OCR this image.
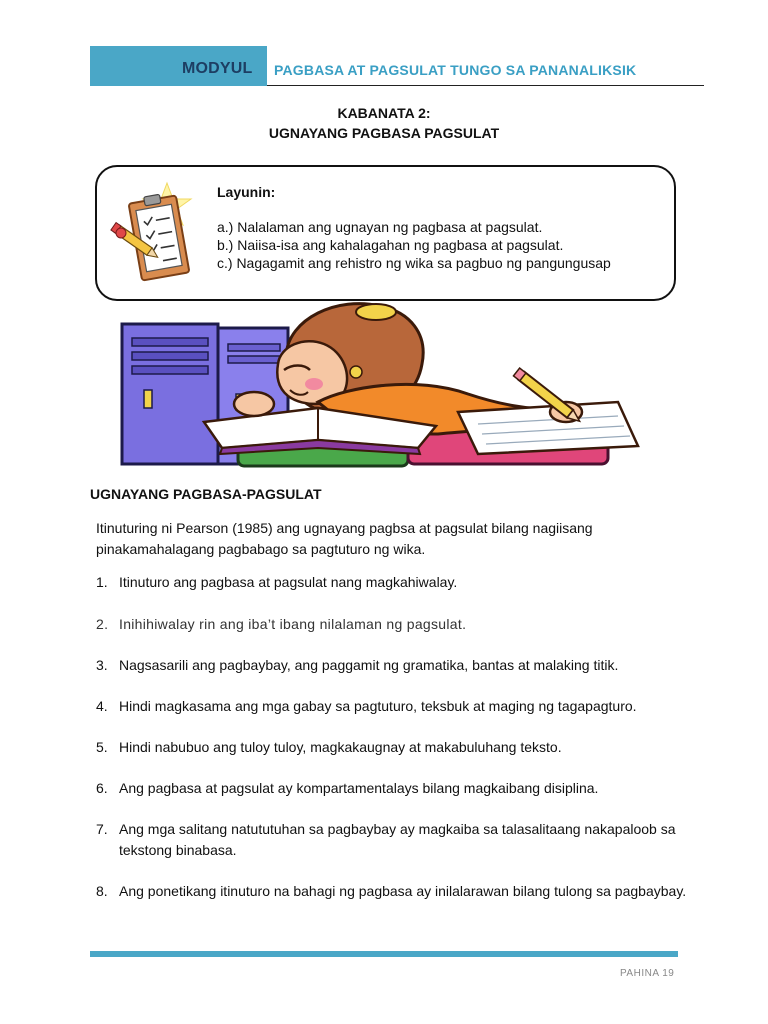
MODYUL PAGBASA AT PAGSULAT TUNGO SA PANANALIKSIK
KABANATA 2:
UGNAYANG PAGBASA PAGSULAT
Layunin:
a.) Nalalaman ang ugnayan ng pagbasa at pagsulat.
b.) Naiisa-isa ang kahalagahan ng pagbasa at pagsulat.
c.) Nagagamit ang rehistro ng wika sa pagbuo ng pangungusap
UGNAYANG PAGBASA-PAGSULAT
Itinuturing ni Pearson (1985) ang ugnayang pagbsa at pagsulat bilang nagiisang pinakamahalagang pagbabago sa pagtuturo ng wika.
1. Itinuturo ang pagbasa at pagsulat nang magkahiwalay.
2. Inihihiwalay rin ang iba’t ibang nilalaman ng pagsulat.
3. Nagsasarili ang pagbaybay, ang paggamit ng gramatika, bantas at malaking titik.
4. Hindi magkasama ang mga gabay sa pagtuturo, teksbuk at maging ng tagapagturo.
5. Hindi nabubuo ang tuloy tuloy, magkakaugnay at makabuluhang teksto.
6. Ang pagbasa at pagsulat ay kompartamentalays bilang magkaibang disiplina.
7. Ang mga salitang natututuhan sa pagbaybay ay magkaiba sa talasalitaang nakapaloob sa tekstong binabasa.
8. Ang ponetikang itinuturo na bahagi ng pagbasa ay inilalarawan bilang tulong sa pagbaybay.
PAHINA 19
